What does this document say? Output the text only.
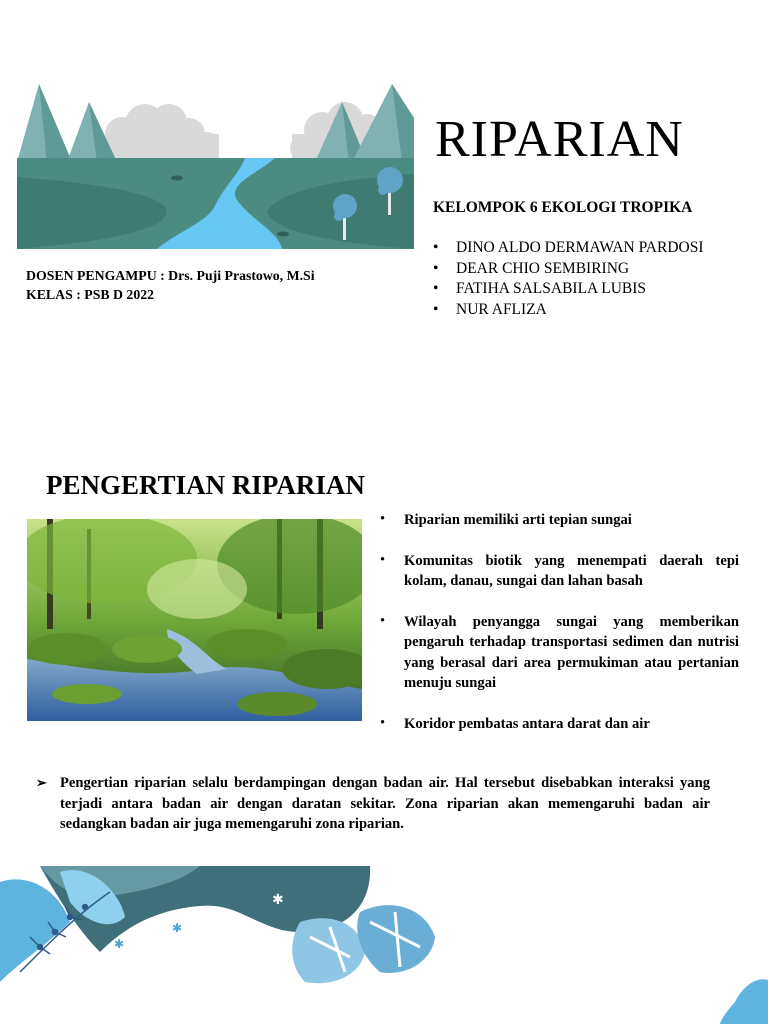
RIPARIAN
KELOMPOK 6 EKOLOGI TROPIKA
• DINO ALDO DERMAWAN PARDOSI
• DEAR CHIO SEMBIRING
• FATIHA SALSABILA LUBIS
• NUR AFLIZA
DOSEN PENGAMPU : Drs. Puji Prastowo, M.Si
KELAS : PSB D 2022
PENGERTIAN RIPARIAN
• Riparian memiliki arti tepian sungai
• Komunitas biotik yang menempati daerah tepi kolam, danau, sungai dan lahan basah
• Wilayah penyangga sungai yang memberikan pengaruh terhadap transportasi sedimen dan nutrisi yang berasal dari area permukiman atau pertanian menuju sungai
• Koridor pembatas antara darat dan air
➢ Pengertian riparian selalu berdampingan dengan badan air. Hal tersebut disebabkan interaksi yang terjadi antara badan air dengan daratan sekitar. Zona riparian akan memengaruhi badan air sedangkan badan air juga memengaruhi zona riparian.
✱
✱
✱
